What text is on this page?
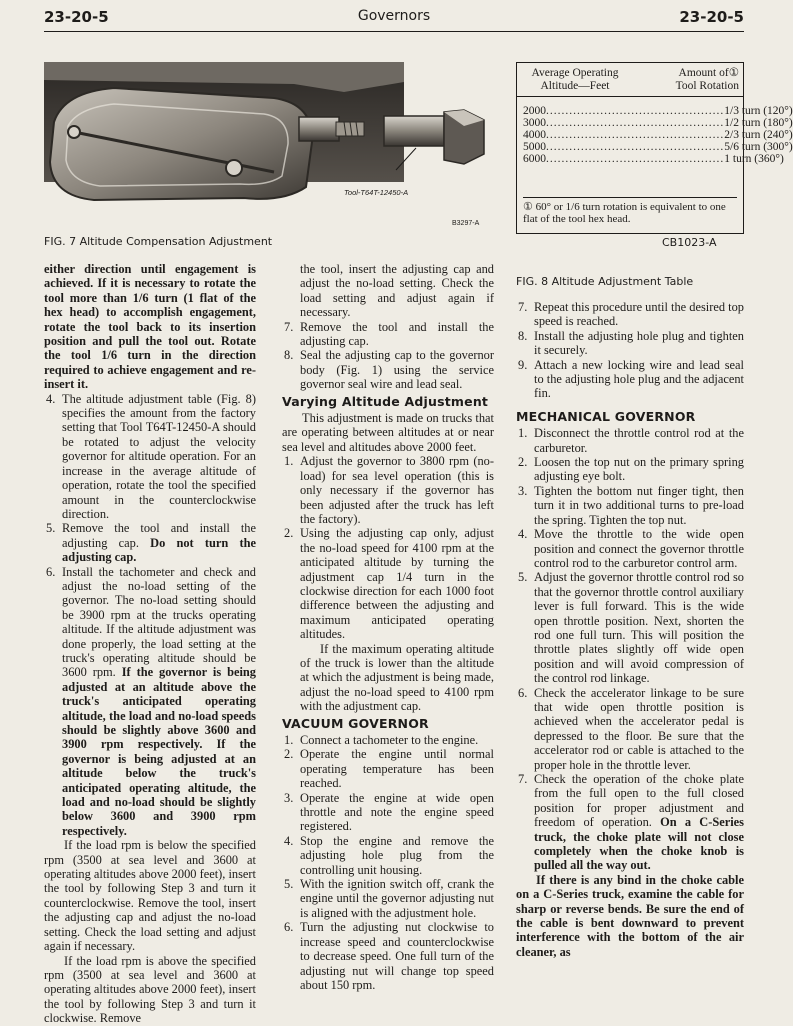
23-20-5	Governors	23-20-5
Tool-T64T-12450-A
B3297-A
FIG. 7 Altitude Compensation Adjustment
Average Operating Altitude—Feet
Amount of①
Tool Rotation
2000 .............................................. 1/3 turn (120°)
3000 .............................................. 1/2 turn (180°)
4000 .............................................. 2/3 turn (240°)
5000 .............................................. 5/6 turn (300°)
6000 .............................................. 1 turn (360°)
① 60° or 1/6 turn rotation is equivalent to one flat of the tool hex head.
CB1023-A
FIG. 8 Altitude Adjustment Table

either direction until engagement is achieved. If it is necessary to rotate the tool more than 1/6 turn (1 flat of the hex head) to accomplish engagement, rotate the tool back to its insertion position and pull the tool out. Rotate the tool 1/6 turn in the direction required to achieve engagement and re-insert it.

4. The altitude adjustment table (Fig. 8) specifies the amount from the factory setting that Tool T64T-12450-A should be rotated to adjust the velocity governor for altitude operation. For an increase in the average altitude of operation, rotate the tool the specified amount in the counterclockwise direction.
5. Remove the tool and install the adjusting cap. Do not turn the adjusting cap.
6. Install the tachometer and check and adjust the no-load setting of the governor. The no-load setting should be 3900 rpm at the trucks operating altitude. If the altitude adjustment was done properly, the load setting at the truck's operating altitude should be 3600 rpm. If the governor is being adjusted at an altitude above the truck's anticipated operating altitude, the load and no-load speeds should be slightly above 3600 and 3900 rpm respectively. If the governor is being adjusted at an altitude below the truck's anticipated operating altitude, the load and no-load should be slightly below 3600 and 3900 rpm respectively.

If the load rpm is below the specified rpm (3500 at sea level and 3600 at operating altitudes above 2000 feet), insert the tool by following Step 3 and turn it counterclockwise. Remove the tool, insert the adjusting cap and adjust the no-load setting. Check the load setting and adjust again if necessary.

If the load rpm is above the specified rpm (3500 at sea level and 3600 at operating altitudes above 2000 feet), insert the tool by following Step 3 and turn it clockwise. Remove

the tool, insert the adjusting cap and adjust the no-load setting. Check the load setting and adjust again if necessary.

7. Remove the tool and install the adjusting cap.
8. Seal the adjusting cap to the governor body (Fig. 1) using the service governor seal wire and lead seal.
Varying Altitude Adjustment

This adjustment is made on trucks that are operating between altitudes at or near sea level and altitudes above 2000 feet.

1. Adjust the governor to 3800 rpm (no-load) for sea level operation (this is only necessary if the governor has been adjusted after the truck has left the factory).
2. Using the adjusting cap only, adjust the no-load speed for 4100 rpm at the anticipated altitude by turning the adjustment cap 1/4 turn in the clockwise direction for each 1000 foot difference between the adjusting and maximum anticipated operating altitudes.

If the maximum operating altitude of the truck is lower than the altitude at which the adjustment is being made, adjust the no-load speed to 4100 rpm with the adjustment cap.

VACUUM GOVERNOR
1. Connect a tachometer to the engine.
2. Operate the engine until normal operating temperature has been reached.
3. Operate the engine at wide open throttle and note the engine speed registered.
4. Stop the engine and remove the adjusting hole plug from the controlling unit housing.
5. With the ignition switch off, crank the engine until the governor adjusting nut is aligned with the adjustment hole.
6. Turn the adjusting nut clockwise to increase speed and counterclockwise to decrease speed. One full turn of the adjusting nut will change top speed about 150 rpm.
7. Repeat this procedure until the desired top speed is reached.
8. Install the adjusting hole plug and tighten it securely.
9. Attach a new locking wire and lead seal to the adjusting hole plug and the adjacent fin.
MECHANICAL GOVERNOR
1. Disconnect the throttle control rod at the carburetor.
2. Loosen the top nut on the primary spring adjusting eye bolt.
3. Tighten the bottom nut finger tight, then turn it in two additional turns to pre-load the spring. Tighten the top nut.
4. Move the throttle to the wide open position and connect the governor throttle control rod to the carburetor control arm.
5. Adjust the governor throttle control rod so that the governor throttle control auxiliary lever is full forward. This is the wide open throttle position. Next, shorten the rod one full turn. This will position the throttle plates slightly off wide open position and will avoid compression of the control rod linkage.
6. Check the accelerator linkage to be sure that wide open throttle position is achieved when the accelerator pedal is depressed to the floor. Be sure that the accelerator rod or cable is attached to the proper hole in the throttle lever.
7. Check the operation of the choke plate from the full open to the full closed position for proper adjustment and freedom of operation. On a C-Series truck, the choke plate will not close completely when the choke knob is pulled all the way out.

If there is any bind in the choke cable on a C-Series truck, examine the cable for sharp or reverse bends. Be sure the end of the cable is bent downward to prevent interference with the bottom of the air cleaner, as
